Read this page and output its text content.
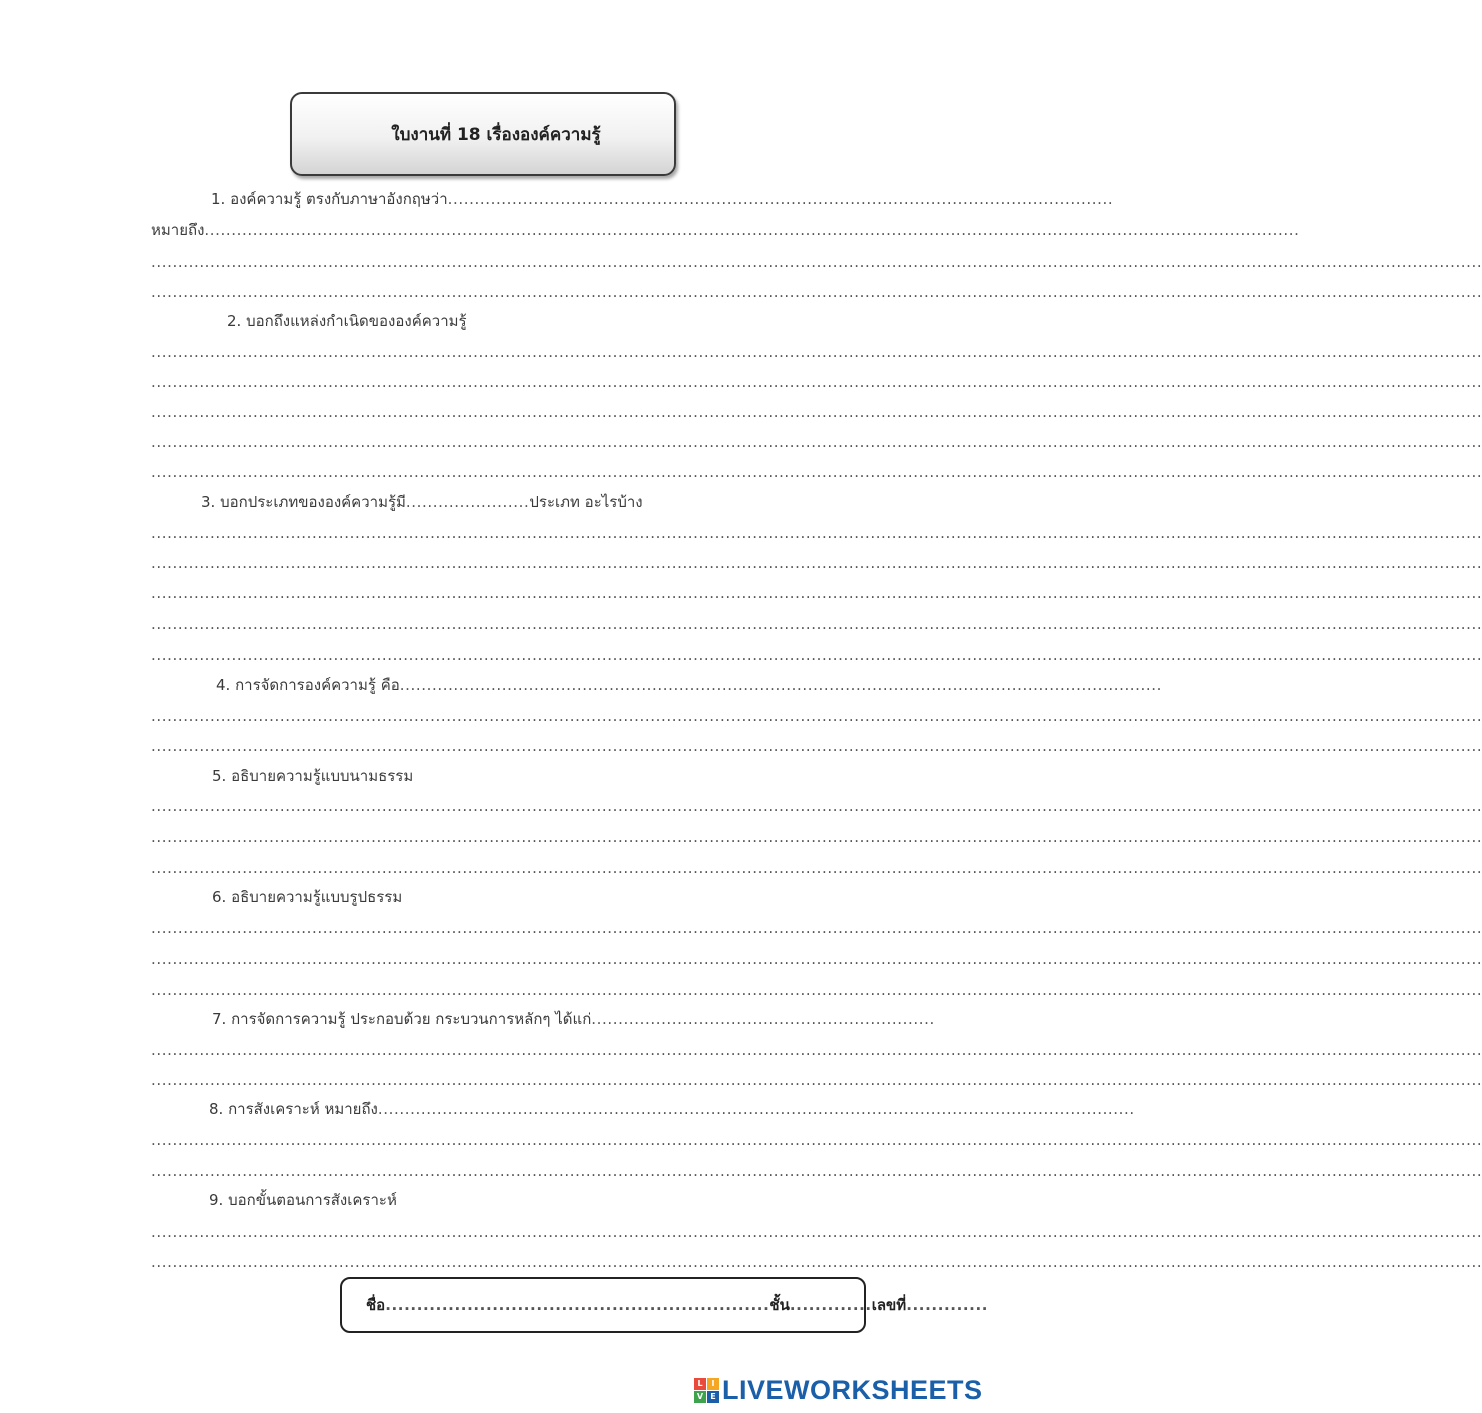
ใบงานที่ 18 เรื่ององค์ความรู้
1. องค์ความรู้ ตรงกับภาษาอังกฤษว่า............................................................................................................................
หมายถึง............................................................................................................................................................................................................
.....
.....
2. บอกถึงแหล่งกำเนิดขององค์ความรู้
.....
.....
.....
.....
.....
3. บอกประเภทขององค์ความรู้มี.......................ประเภท อะไรบ้าง
.....
.....
.....
.....
.....
4. การจัดการองค์ความรู้ คือ..............................................................................................................................................
.....
.....
5. อธิบายความรู้แบบนามธรรม
.....
.....
.....
6. อธิบายความรู้แบบรูปธรรม
.....
.....
.....
7. การจัดการความรู้ ประกอบด้วย กระบวนการหลักๆ ได้แก่................................................................
.....
.....
8. การสังเคราะห์ หมายถึง.............................................................................................................................................
.....
.....
9. บอกขั้นตอนการสังเคราะห์
.....
.....
ชื่อ ............................................................. ชั้น ............. เลขที่ .............
L	I
V E LIVEWORKSHEETS
